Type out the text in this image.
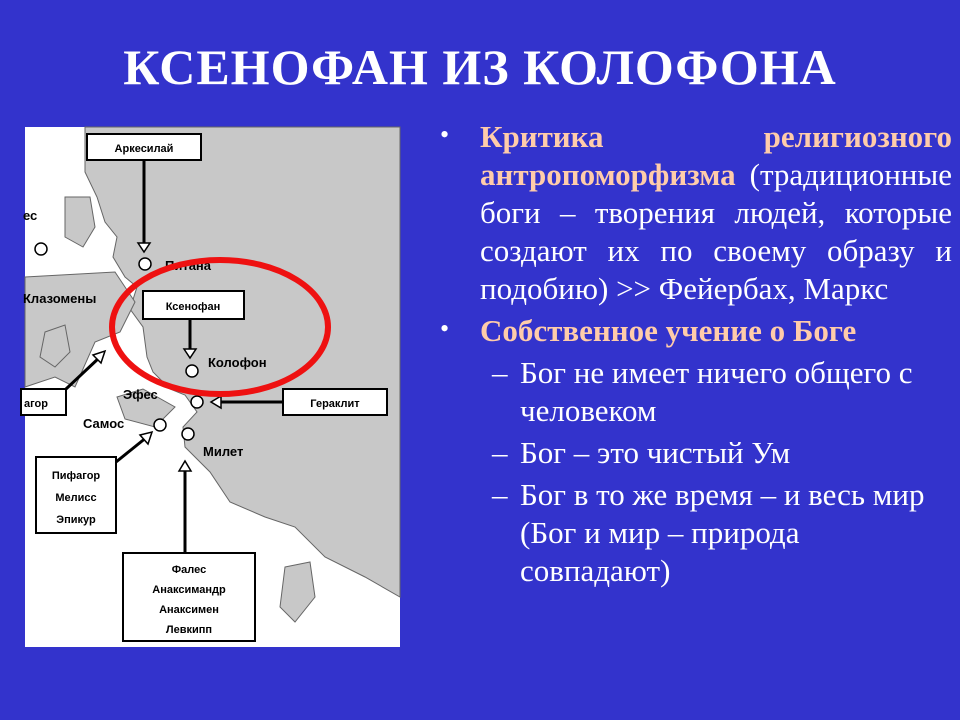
КСЕНОФАН ИЗ КОЛОФОНА
ес
Питана
Клазомены
Колофон
Эфес
Самос
Милет
Аркесилай
Ксенофан
Гераклит
агор
Пифагор
Мелисс
Эпикур
Фалес
Анаксимандр
Анаксимен
Левкипп
• Критика религиозного антропоморфизма (традиционные боги – творения людей, которые создают их по своему образу и подобию) >> Фейербах, Маркс
• Собственное учение о Боге
– Бог не имеет ничего общего с человеком
– Бог – это чистый Ум
– Бог в то же время – и весь мир (Бог и мир – природа совпадают)
